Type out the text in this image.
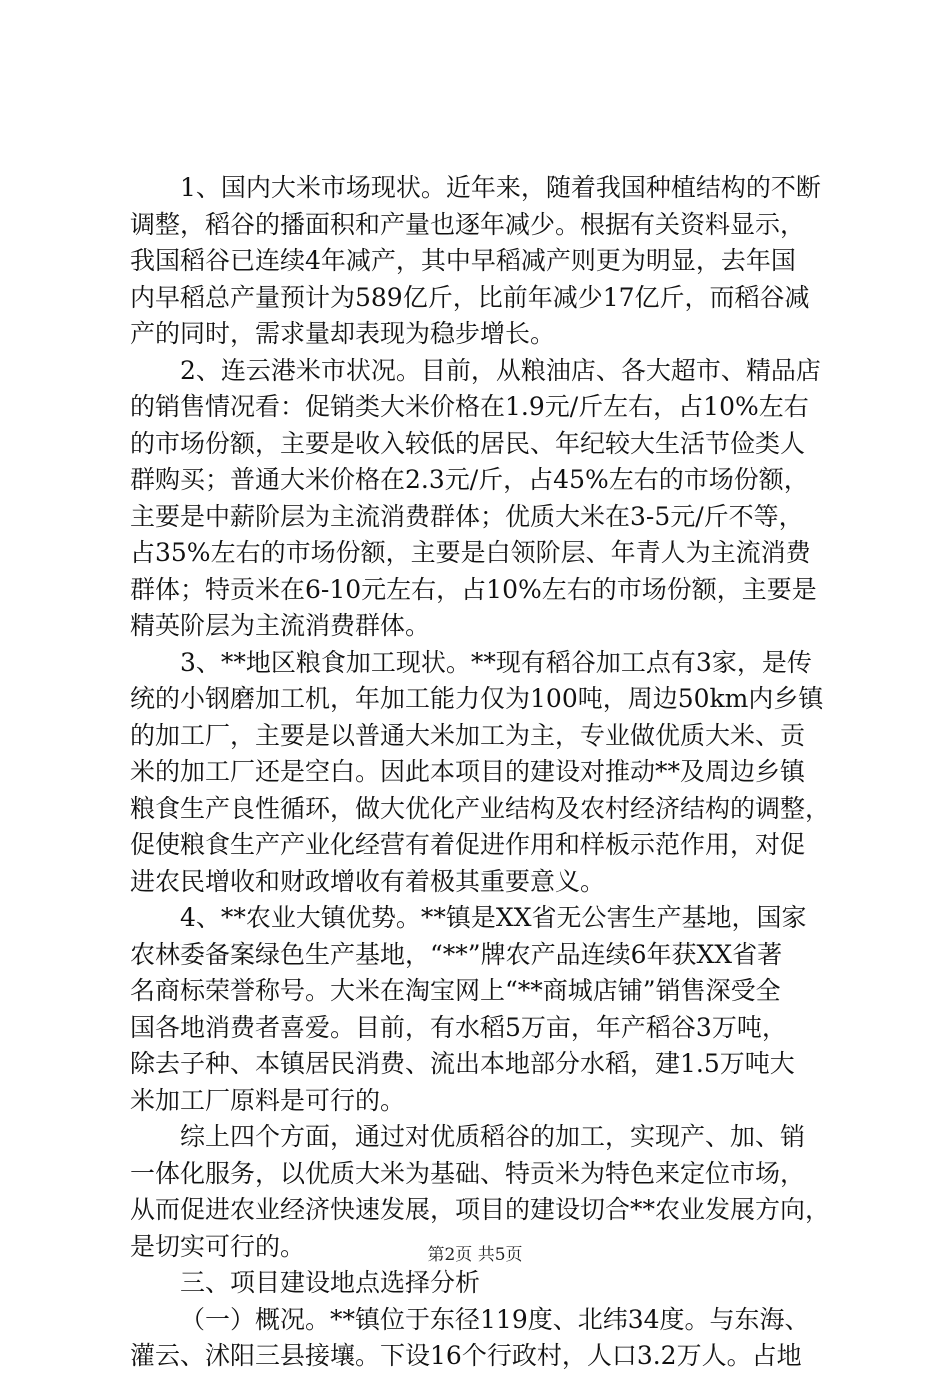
1、国内大米市场现状。近年来，随着我国种植结构的不断
调整，稻谷的播面积和产量也逐年减少。根据有关资料显示，
我国稻谷已连续4年减产，其中早稻减产则更为明显，去年国
内早稻总产量预计为589亿斤，比前年减少17亿斤，而稻谷减
产的同时，需求量却表现为稳步增长。
2、连云港米市状况。目前，从粮油店、各大超市、精品店
的销售情况看：促销类大米价格在1.9元/斤左右，占10%左右
的市场份额，主要是收入较低的居民、年纪较大生活节俭类人
群购买；普通大米价格在2.3元/斤，占45%左右的市场份额，
主要是中薪阶层为主流消费群体；优质大米在3-5元/斤不等，
占35%左右的市场份额，主要是白领阶层、年青人为主流消费
群体；特贡米在6-10元左右，占10%左右的市场份额，主要是
精英阶层为主流消费群体。
3、**地区粮食加工现状。**现有稻谷加工点有3家，是传
统的小钢磨加工机，年加工能力仅为100吨，周边50km内乡镇
的加工厂，主要是以普通大米加工为主，专业做优质大米、贡
米的加工厂还是空白。因此本项目的建设对推动**及周边乡镇
粮食生产良性循环，做大优化产业结构及农村经济结构的调整，
促使粮食生产产业化经营有着促进作用和样板示范作用，对促
进农民增收和财政增收有着极其重要意义。
4、**农业大镇优势。**镇是XX省无公害生产基地，国家
农林委备案绿色生产基地，“**”牌农产品连续6年获XX省著
名商标荣誉称号。大米在淘宝网上“**商城店铺”销售深受全
国各地消费者喜爱。目前，有水稻5万亩，年产稻谷3万吨，
除去子种、本镇居民消费、流出本地部分水稻，建1.5万吨大
米加工厂原料是可行的。
综上四个方面，通过对优质稻谷的加工，实现产、加、销
一体化服务，以优质大米为基础、特贡米为特色来定位市场，
从而促进农业经济快速发展，项目的建设切合**农业发展方向，
是切实可行的。
三、项目建设地点选择分析
（一）概况。**镇位于东径119度、北纬34度。与东海、
灌云、沭阳三县接壤。下设16个行政村，人口3.2万人。占地
第2页 共5页
